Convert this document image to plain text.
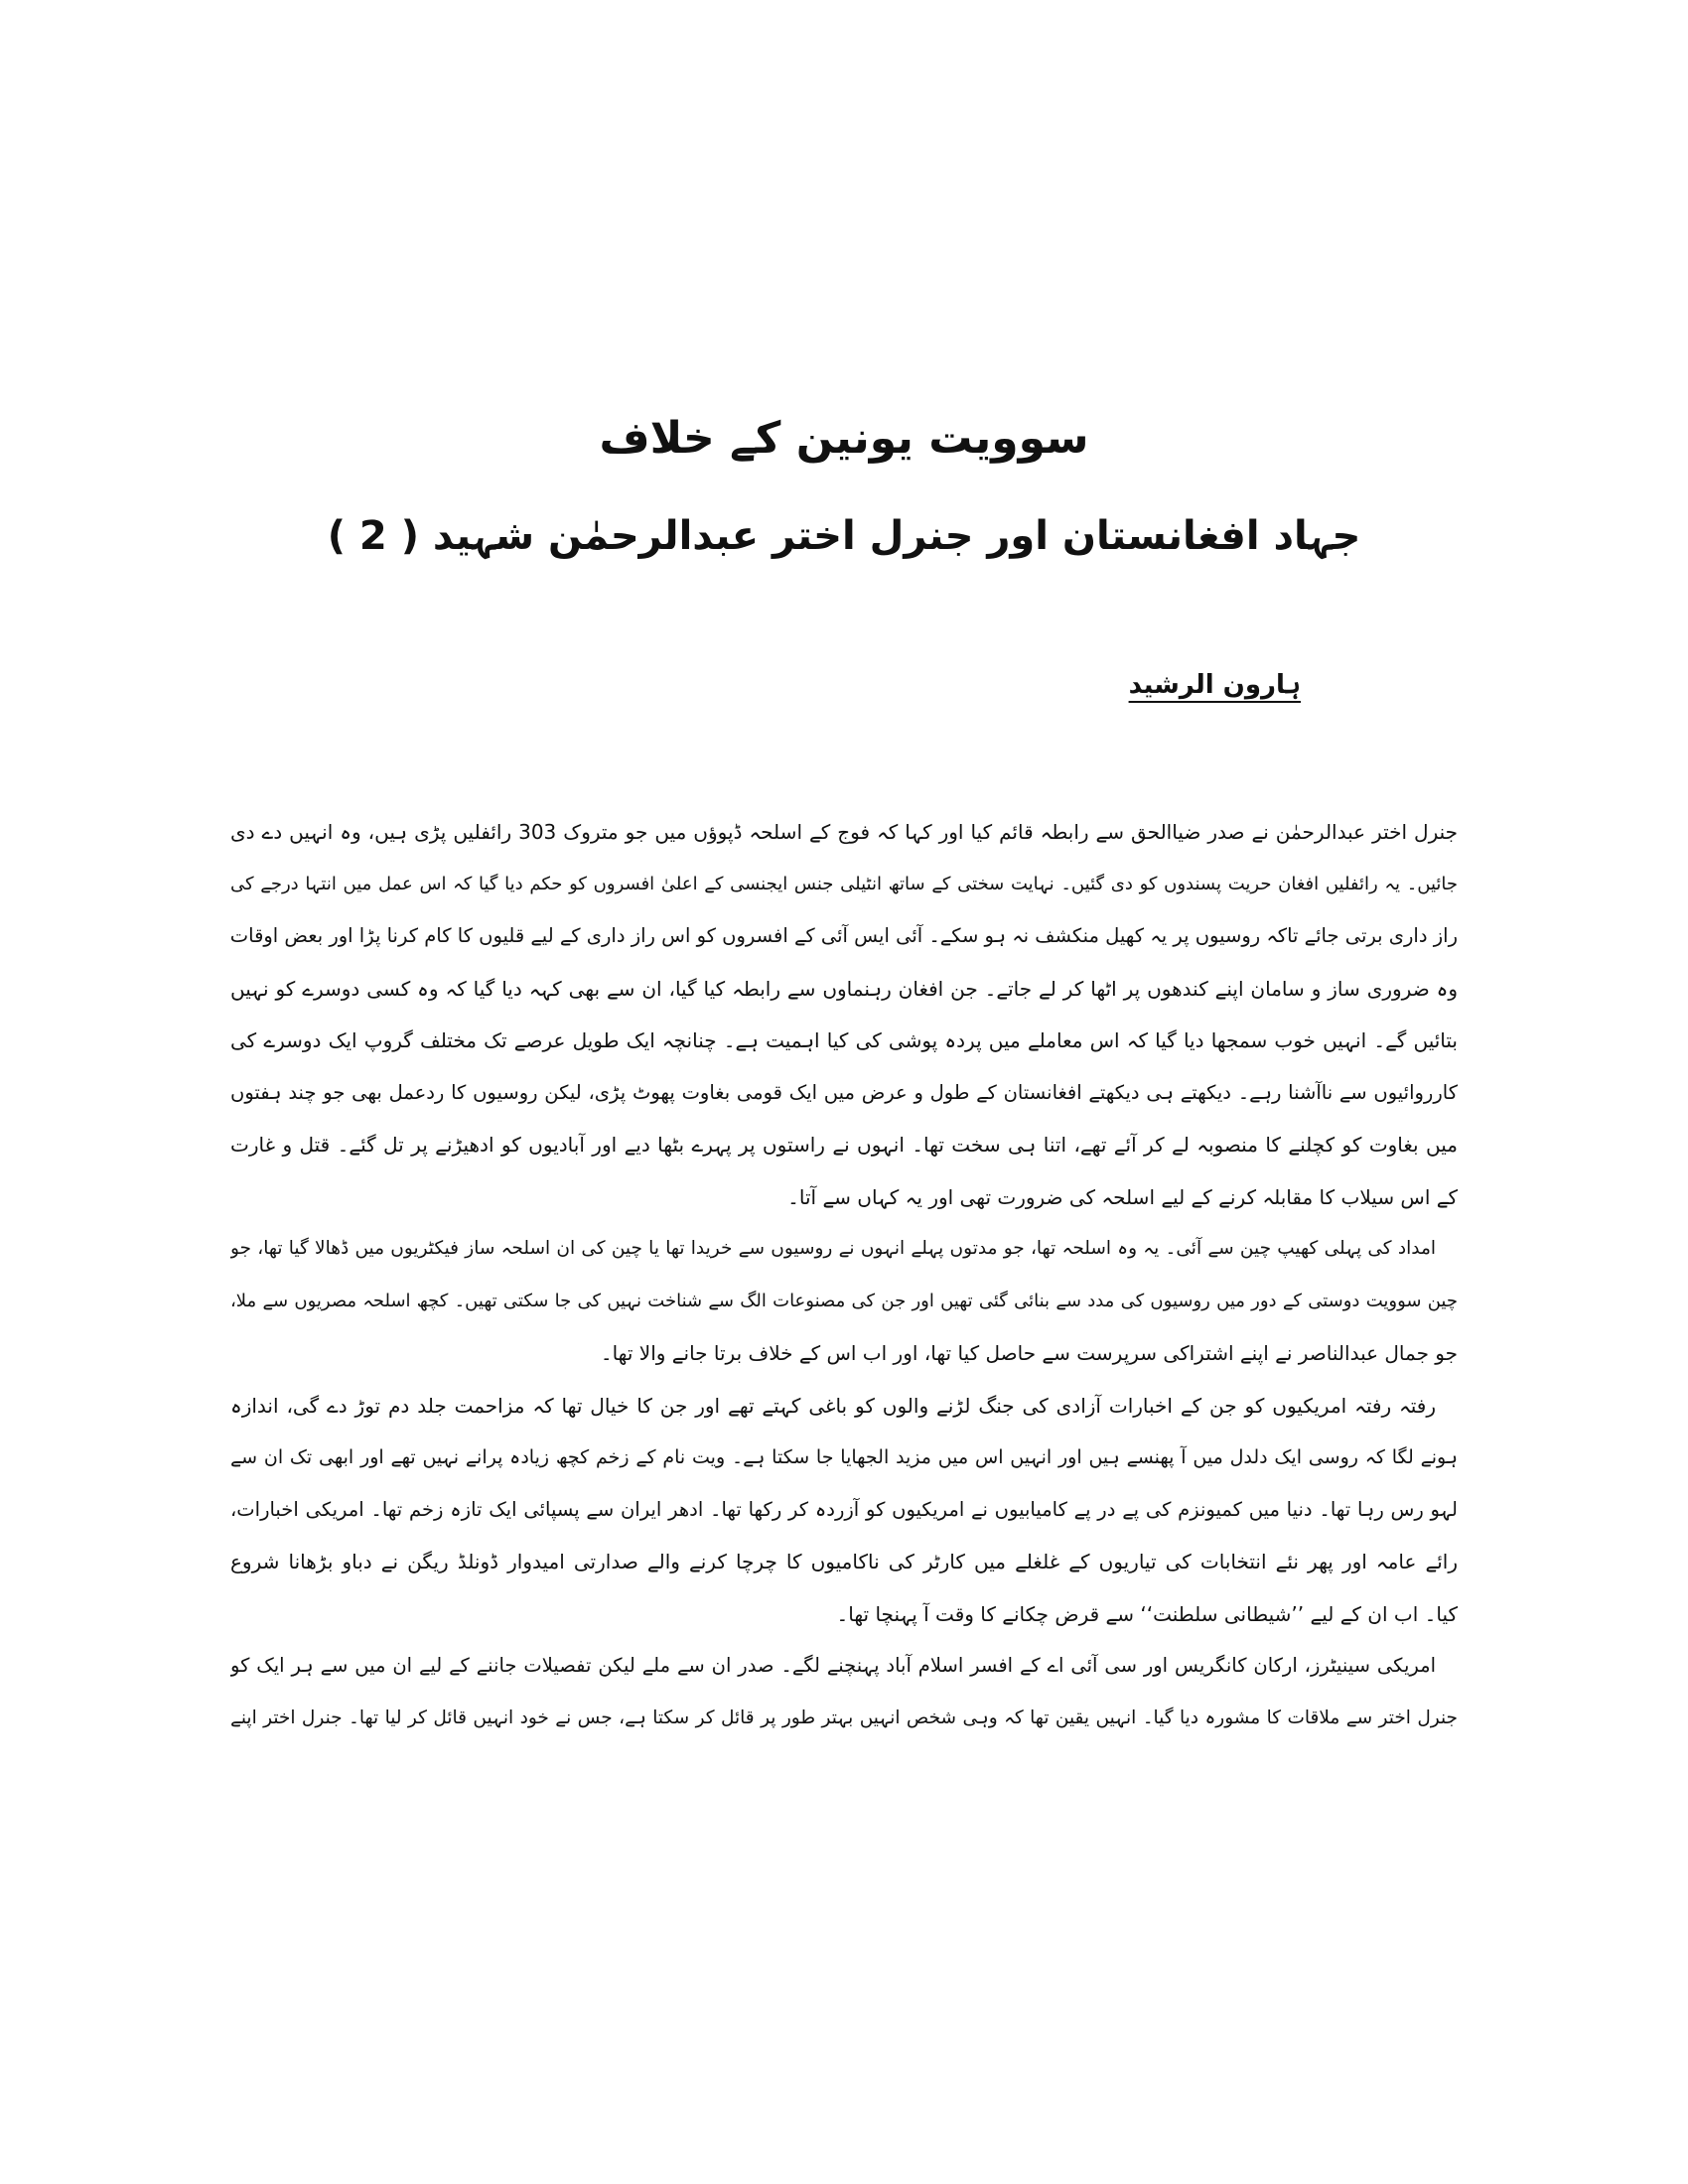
سوویت یونین کے خلاف
جہاد افغانستان اور جنرل اختر عبدالرحمٰن شہید ( 2 )
ہارون الرشید
جنرل اختر عبدالرحمٰن نے صدر ضیاالحق سے رابطہ قائم کیا اور کہا کہ فوج کے اسلحہ ڈپوؤں میں جو متروک 303 رائفلیں پڑی ہیں، وہ انہیں دے دی
جائیں۔ یہ رائفلیں افغان حریت پسندوں کو دی گئیں۔ نہایت سختی کے ساتھ انٹیلی جنس ایجنسی کے اعلیٰ افسروں کو حکم دیا گیا کہ اس عمل میں انتہا درجے کی
راز داری برتی جائے تاکہ روسیوں پر یہ کھیل منکشف نہ ہو سکے۔ آئی ایس آئی کے افسروں کو اس راز داری کے لیے قلیوں کا کام کرنا پڑا اور بعض اوقات
وہ ضروری ساز و سامان اپنے کندھوں پر اٹھا کر لے جاتے۔ جن افغان رہنماوں سے رابطہ کیا گیا، ان سے بھی کہہ دیا گیا کہ وہ کسی دوسرے کو نہیں
بتائیں گے۔ انہیں خوب سمجھا دیا گیا کہ اس معاملے میں پردہ پوشی کی کیا اہمیت ہے۔ چنانچہ ایک طویل عرصے تک مختلف گروپ ایک دوسرے کی
کارروائیوں سے ناآشنا رہے۔ دیکھتے ہی دیکھتے افغانستان کے طول و عرض میں ایک قومی بغاوت پھوٹ پڑی، لیکن روسیوں کا ردعمل بھی جو چند ہفتوں
میں بغاوت کو کچلنے کا منصوبہ لے کر آئے تھے، اتنا ہی سخت تھا۔ انہوں نے راستوں پر پہرے بٹھا دیے اور آبادیوں کو ادھیڑنے پر تل گئے۔ قتل و غارت
کے اس سیلاب کا مقابلہ کرنے کے لیے اسلحہ کی ضرورت تھی اور یہ کہاں سے آتا۔
امداد کی پہلی کھیپ چین سے آئی۔ یہ وہ اسلحہ تھا، جو مدتوں پہلے انہوں نے روسیوں سے خریدا تھا یا چین کی ان اسلحہ ساز فیکٹریوں میں ڈھالا گیا تھا، جو
چین سوویت دوستی کے دور میں روسیوں کی مدد سے بنائی گئی تھیں اور جن کی مصنوعات الگ سے شناخت نہیں کی جا سکتی تھیں۔ کچھ اسلحہ مصریوں سے ملا،
جو جمال عبدالناصر نے اپنے اشتراکی سرپرست سے حاصل کیا تھا، اور اب اس کے خلاف برتا جانے والا تھا۔
رفتہ رفتہ امریکیوں کو جن کے اخبارات آزادی کی جنگ لڑنے والوں کو باغی کہتے تھے اور جن کا خیال تھا کہ مزاحمت جلد دم توڑ دے گی، اندازہ
ہونے لگا کہ روسی ایک دلدل میں آ پھنسے ہیں اور انہیں اس میں مزید الجھایا جا سکتا ہے۔ ویت نام کے زخم کچھ زیادہ پرانے نہیں تھے اور ابھی تک ان سے
لہو رس رہا تھا۔ دنیا میں کمیونزم کی پے در پے کامیابیوں نے امریکیوں کو آزردہ کر رکھا تھا۔ ادھر ایران سے پسپائی ایک تازہ زخم تھا۔ امریکی اخبارات،
رائے عامہ اور پھر نئے انتخابات کی تیاریوں کے غلغلے میں کارٹر کی ناکامیوں کا چرچا کرنے والے صدارتی امیدوار ڈونلڈ ریگن نے دباو بڑھانا شروع
کیا۔ اب ان کے لیے ’’شیطانی سلطنت‘‘ سے قرض چکانے کا وقت آ پہنچا تھا۔
امریکی سینیٹرز، ارکان کانگریس اور سی آئی اے کے افسر اسلام آباد پہنچنے لگے۔ صدر ان سے ملے لیکن تفصیلات جاننے کے لیے ان میں سے ہر ایک کو
جنرل اختر سے ملاقات کا مشورہ دیا گیا۔ انہیں یقین تھا کہ وہی شخص انہیں بہتر طور پر قائل کر سکتا ہے، جس نے خود انہیں قائل کر لیا تھا۔ جنرل اختر اپنے
